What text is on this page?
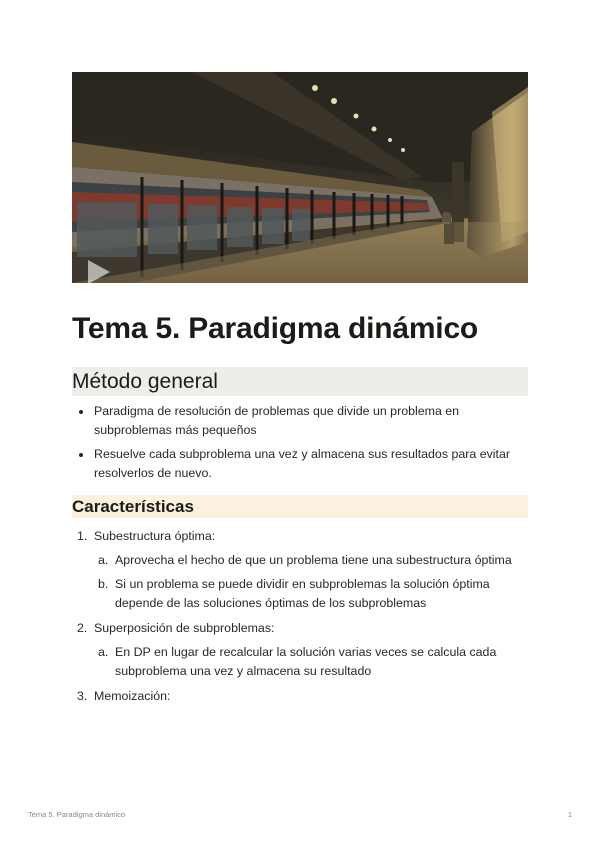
Tema 5. Paradigma dinámico
Método general
Paradigma de resolución de problemas que divide un problema en subproblemas más pequeños
Resuelve cada subproblema una vez y almacena sus resultados para evitar resolverlos de nuevo.
Características
1. Subestructura óptima:
a. Aprovecha el hecho de que un problema tiene una subestructura óptima
b. Si un problema se puede dividir en subproblemas la solución óptima depende de las soluciones óptimas de los subproblemas
2. Superposición de subproblemas:
a. En DP en lugar de recalcular la solución varias veces se calcula cada subproblema una vez y almacena su resultado
3. Memoización:
Tema 5. Paradigma dinámico	1
